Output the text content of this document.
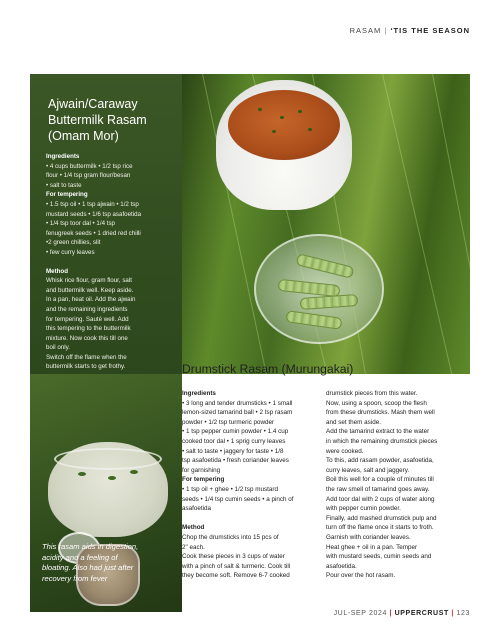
RASAM | ‘TIS THE SEASON
Ajwain/Caraway
Buttermilk Rasam
(Omam Mor)
Ingredients
• 4 cups buttermilk • 1/2 tsp rice
flour • 1/4 tsp gram flour/besan
• salt to taste
For tempering
• 1.5 tsp oil • 1 tsp ajwain • 1/2 tsp
mustard seeds • 1/6 tsp asafoetida
• 1/4 tsp toor dal • 1/4 tsp
fenugreek seeds • 1 dried red chilli
•2 green chillies, slit
• few curry leaves
Method
Whisk rice flour, gram flour, salt
and buttermilk well. Keep aside.
In a pan, heat oil. Add the ajwain
and the remaining ingredients
for tempering. Sauté well. Add
this tempering to the buttermilk
mixture. Now cook this till one
boil only.
Switch off the flame when the
buttermilk starts to get frothy.
This rasam aids in digestion,
acidity and a feeling of
bloating. Also had just after
recovery from fever
Drumstick Rasam (Murungakai)
Ingredients
• 3 long and tender drumsticks • 1 small
lemon-sized tamarind ball • 2 tsp rasam
powder • 1/2 tsp turmeric powder
• 1 tsp pepper cumin powder • 1.4 cup
cooked toor dal • 1 sprig curry leaves
• salt to taste • jaggery for taste • 1/8
tsp asafoetida • fresh coriander leaves
for garnishing
For tempering
• 1 tsp oil + ghee • 1/2 tsp mustard
seeds • 1/4 tsp cumin seeds • a pinch of
asafoetida
Method
Chop the drumsticks into 15 pcs of
2" each.
Cook these pieces in 3 cups of water
with a pinch of salt & turmeric. Cook till
they become soft. Remove 6-7 cooked
drumstick pieces from this water.
Now, using a spoon, scoop the flesh
from these drumsticks. Mash them well
and set them aside.
Add the tamarind extract to the water
in which the remaining drumstick pieces
were cooked.
To this, add rasam powder, asafoetida,
curry leaves, salt and jaggery.
Boil this well for a couple of minutes till
the raw smell of tamarind goes away.
Add toor dal with 2 cups of water along
with pepper cumin powder.
Finally, add mashed drumstick pulp and
turn off the flame once it starts to froth.
Garnish with coriander leaves.
Heat ghee + oil in a pan. Temper
with mustard seeds, cumin seeds and
asafoetida.
Pour over the hot rasam.
JUL-SEP 2024 | UPPERCRUST | 123
